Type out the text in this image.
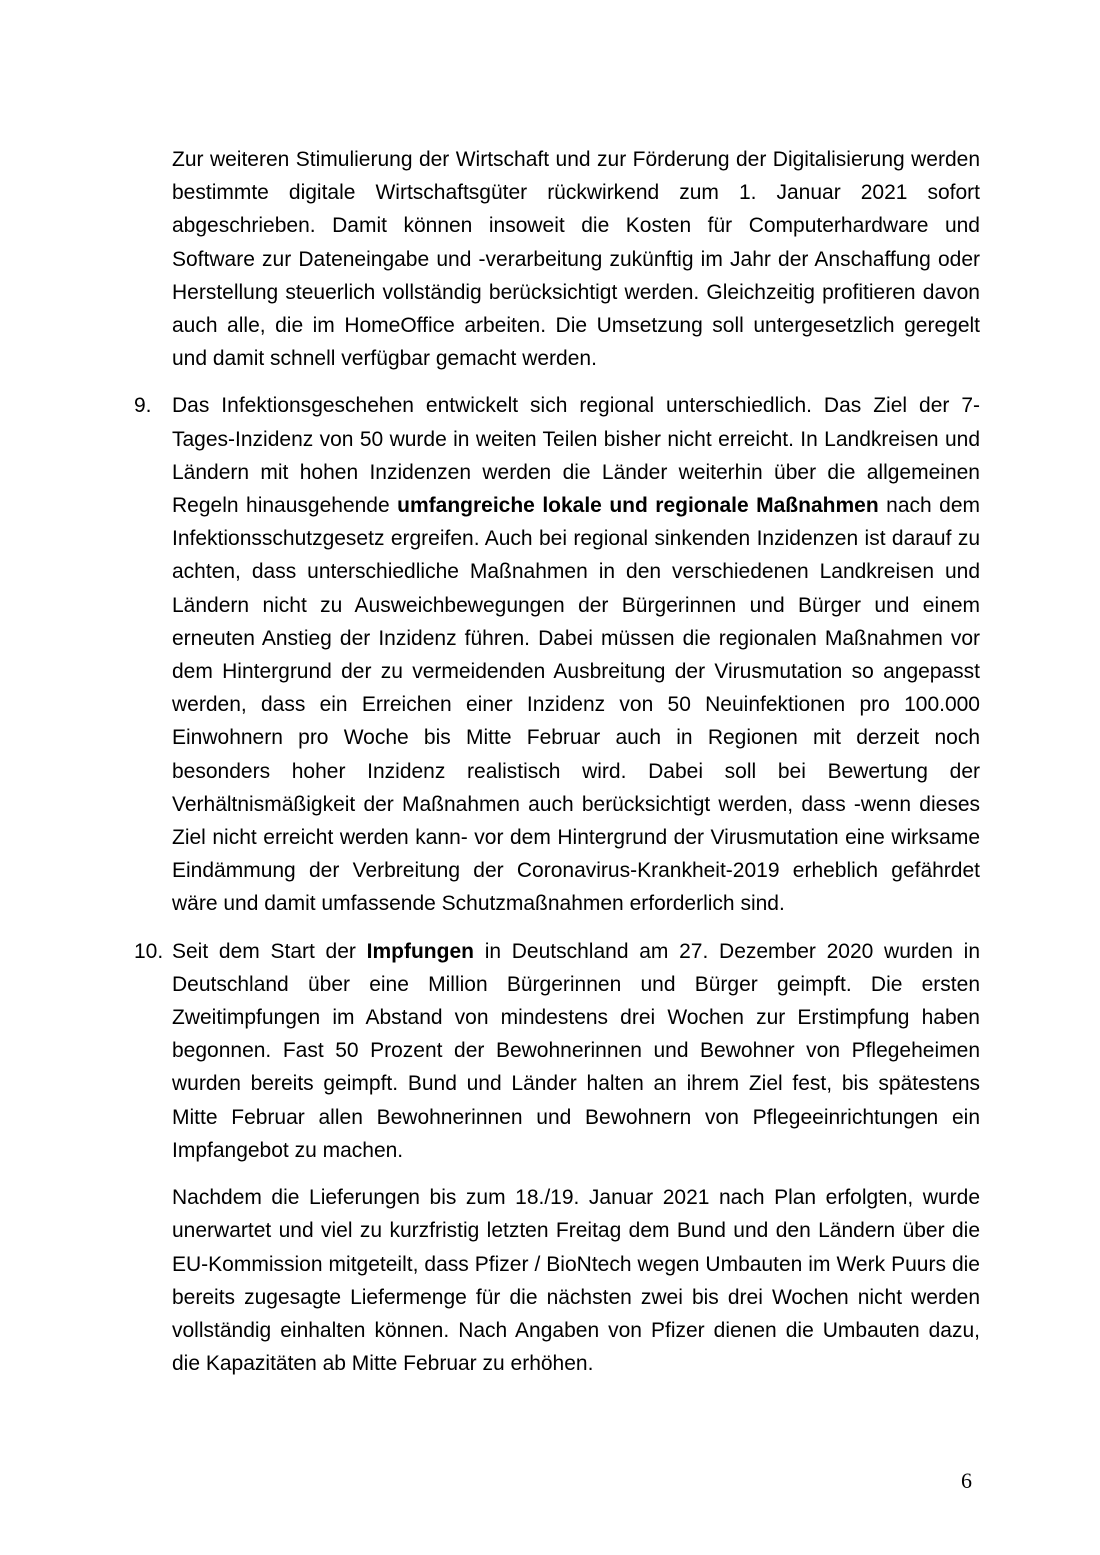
Zur weiteren Stimulierung der Wirtschaft und zur Förderung der Digitalisierung werden bestimmte digitale Wirtschaftsgüter rückwirkend zum 1. Januar 2021 sofort abgeschrieben. Damit können insoweit die Kosten für Computerhardware und Software zur Dateneingabe und -verarbeitung zukünftig im Jahr der Anschaffung oder Herstellung steuerlich vollständig berücksichtigt werden. Gleichzeitig profitieren davon auch alle, die im HomeOffice arbeiten. Die Umsetzung soll untergesetzlich geregelt und damit schnell verfügbar gemacht werden.

9. Das Infektionsgeschehen entwickelt sich regional unterschiedlich. Das Ziel der 7-Tages-Inzidenz von 50 wurde in weiten Teilen bisher nicht erreicht. In Landkreisen und Ländern mit hohen Inzidenzen werden die Länder weiterhin über die allgemeinen Regeln hinausgehende umfangreiche lokale und regionale Maßnahmen nach dem Infektionsschutzgesetz ergreifen. Auch bei regional sinkenden Inzidenzen ist darauf zu achten, dass unterschiedliche Maßnahmen in den verschiedenen Landkreisen und Ländern nicht zu Ausweichbewegungen der Bürgerinnen und Bürger und einem erneuten Anstieg der Inzidenz führen. Dabei müssen die regionalen Maßnahmen vor dem Hintergrund der zu vermeidenden Ausbreitung der Virusmutation so angepasst werden, dass ein Erreichen einer Inzidenz von 50 Neuinfektionen pro 100.000 Einwohnern pro Woche bis Mitte Februar auch in Regionen mit derzeit noch besonders hoher Inzidenz realistisch wird. Dabei soll bei Bewertung der Verhältnismäßigkeit der Maßnahmen auch berücksichtigt werden, dass -wenn dieses Ziel nicht erreicht werden kann- vor dem Hintergrund der Virusmutation eine wirksame Eindämmung der Verbreitung der Coronavirus-Krankheit-2019 erheblich gefährdet wäre und damit umfassende Schutzmaßnahmen erforderlich sind.

10. Seit dem Start der Impfungen in Deutschland am 27. Dezember 2020 wurden in Deutschland über eine Million Bürgerinnen und Bürger geimpft. Die ersten Zweitimpfungen im Abstand von mindestens drei Wochen zur Erstimpfung haben begonnen. Fast 50 Prozent der Bewohnerinnen und Bewohner von Pflegeheimen wurden bereits geimpft. Bund und Länder halten an ihrem Ziel fest, bis spätestens Mitte Februar allen Bewohnerinnen und Bewohnern von Pflegeeinrichtungen ein Impfangebot zu machen.

Nachdem die Lieferungen bis zum 18./19. Januar 2021 nach Plan erfolgten, wurde unerwartet und viel zu kurzfristig letzten Freitag dem Bund und den Ländern über die EU-Kommission mitgeteilt, dass Pfizer / BioNtech wegen Umbauten im Werk Puurs die bereits zugesagte Liefermenge für die nächsten zwei bis drei Wochen nicht werden vollständig einhalten können. Nach Angaben von Pfizer dienen die Umbauten dazu, die Kapazitäten ab Mitte Februar zu erhöhen.

6
